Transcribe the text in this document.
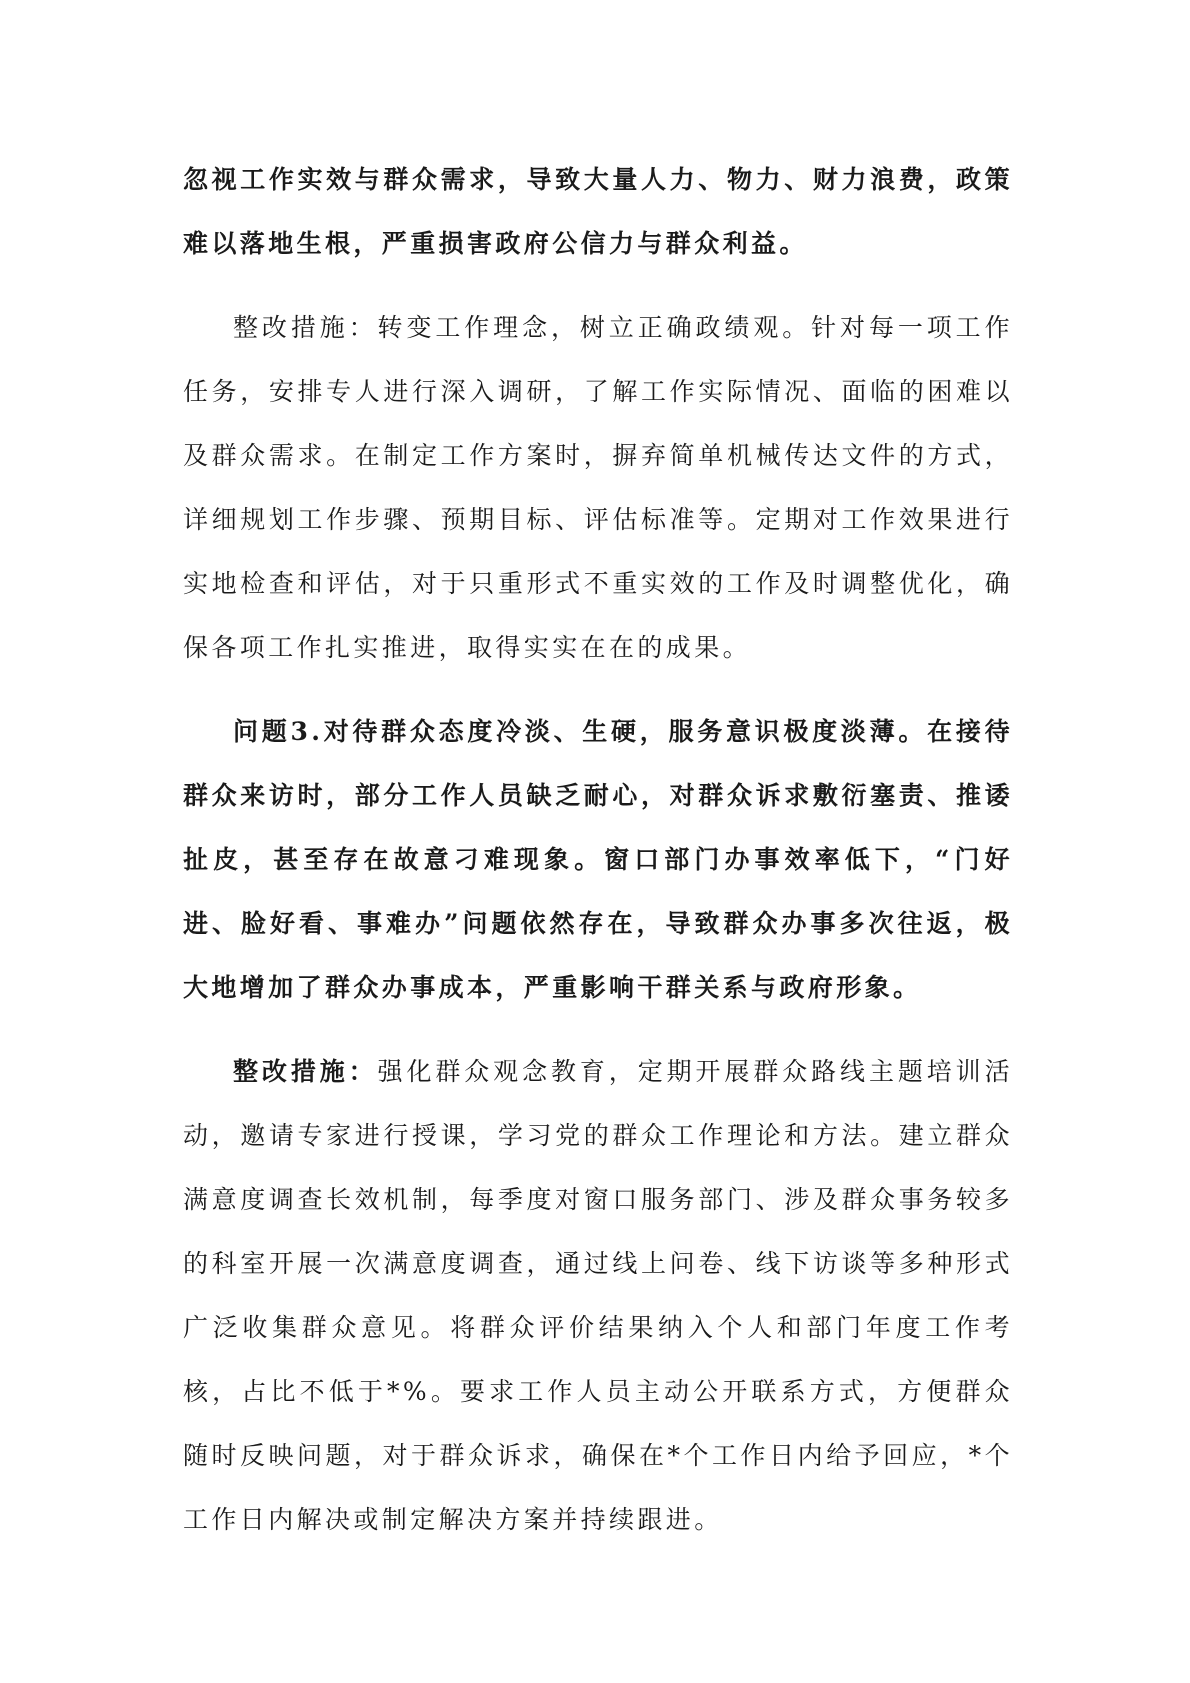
忽视工作实效与群众需求，导致大量人力、物力、财力浪费，政策难以落地生根，严重损害政府公信力与群众利益。

整改措施：转变工作理念，树立正确政绩观。针对每一项工作任务，安排专人进行深入调研，了解工作实际情况、面临的困难以及群众需求。在制定工作方案时，摒弃简单机械传达文件的方式，详细规划工作步骤、预期目标、评估标准等。定期对工作效果进行实地检查和评估，对于只重形式不重实效的工作及时调整优化，确保各项工作扎实推进，取得实实在在的成果。

问题3.对待群众态度冷淡、生硬，服务意识极度淡薄。在接待群众来访时，部分工作人员缺乏耐心，对群众诉求敷衍塞责、推诿扯皮，甚至存在故意刁难现象。窗口部门办事效率低下，“门好进、脸好看、事难办”问题依然存在，导致群众办事多次往返，极大地增加了群众办事成本，严重影响干群关系与政府形象。

整改措施：强化群众观念教育，定期开展群众路线主题培训活动，邀请专家进行授课，学习党的群众工作理论和方法。建立群众满意度调查长效机制，每季度对窗口服务部门、涉及群众事务较多的科室开展一次满意度调查，通过线上问卷、线下访谈等多种形式广泛收集群众意见。将群众评价结果纳入个人和部门年度工作考核，占比不低于*%。要求工作人员主动公开联系方式，方便群众随时反映问题，对于群众诉求，确保在*个工作日内给予回应，*个工作日内解决或制定解决方案并持续跟进。
